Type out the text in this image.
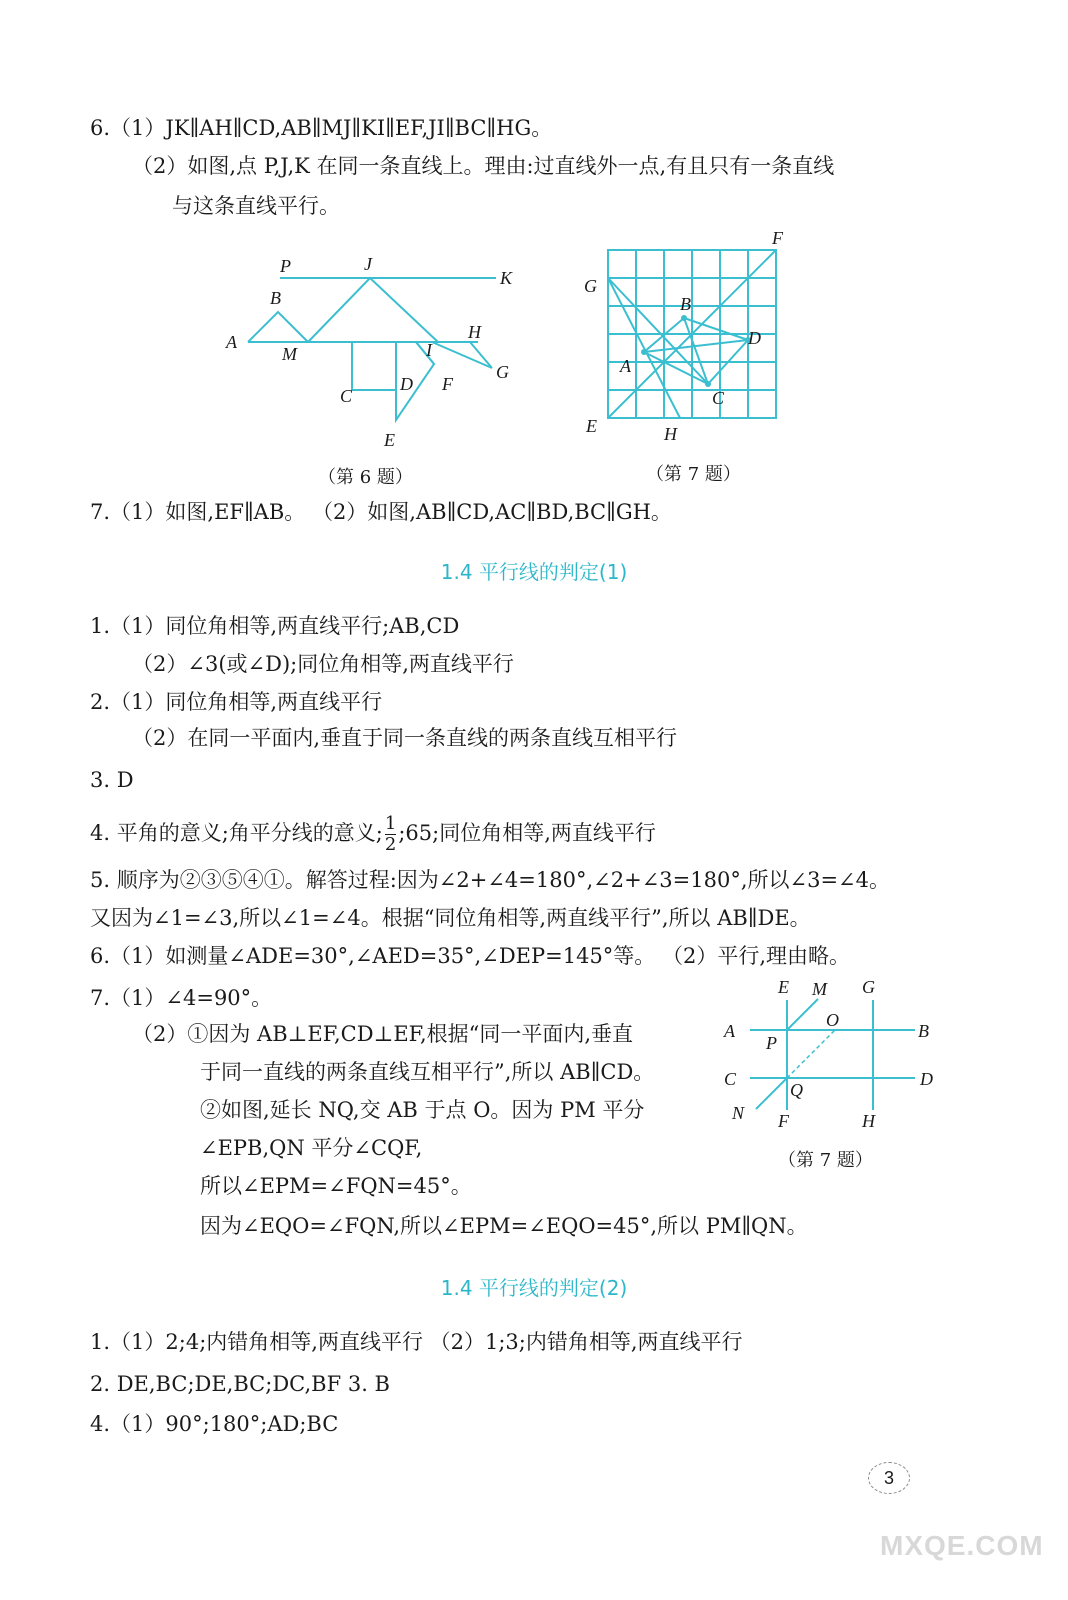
6.（1）JK∥AH∥CD,AB∥MJ∥KI∥EF,JI∥BC∥HG。
（2）如图,点 P,J,K 在同一条直线上。理由:过直线外一点,有且只有一条直线
与这条直线平行。
P	J
K
B
A
M	I
H
G
C
D F
E
（第 6 题）
F
G
B
D
A
C
E	H
（第 7 题）
7.（1）如图,EF∥AB。 （2）如图,AB∥CD,AC∥BD,BC∥GH。
1.4 平行线的判定(1)
1.（1）同位角相等,两直线平行;AB,CD
（2）∠3(或∠D);同位角相等,两直线平行
2.（1）同位角相等,两直线平行
（2）在同一平面内,垂直于同一条直线的两条直线互相平行
3. D
4. 平角的意义;角平分线的意义; $\frac{1}{2}$ ;65;同位角相等,两直线平行
5. 顺序为②③⑤④①。解答过程:因为∠2+∠4=180°,∠2+∠3=180°,所以∠3=∠4。
又因为∠1=∠3,所以∠1=∠4。根据“同位角相等,两直线平行”,所以 AB∥DE。
6.（1）如测量∠ADE=30°,∠AED=35°,∠DEP=145°等。 （2）平行,理由略。
7.（1）∠4=90°。
（2）①因为 AB⊥EF,CD⊥EF,根据“同一平面内,垂直
于同一直线的两条直线互相平行”,所以 AB∥CD。
②如图,延长 NQ,交 AB 于点 O。因为 PM 平分
∠EPB,QN 平分∠CQF,
所以∠EPM=∠FQN=45°。
因为∠EQO=∠FQN,所以∠EPM=∠EQO=45°,所以 PM∥QN。
E M G
A
O
B
P
C
Q
D
N F	H
（第 7 题）
1.4 平行线的判定(2)
1.（1）2;4;内错角相等,两直线平行 （2）1;3;内错角相等,两直线平行
2. DE,BC;DE,BC;DC,BF 3. B
4.（1）90°;180°;AD;BC
3
MXQE.COM
